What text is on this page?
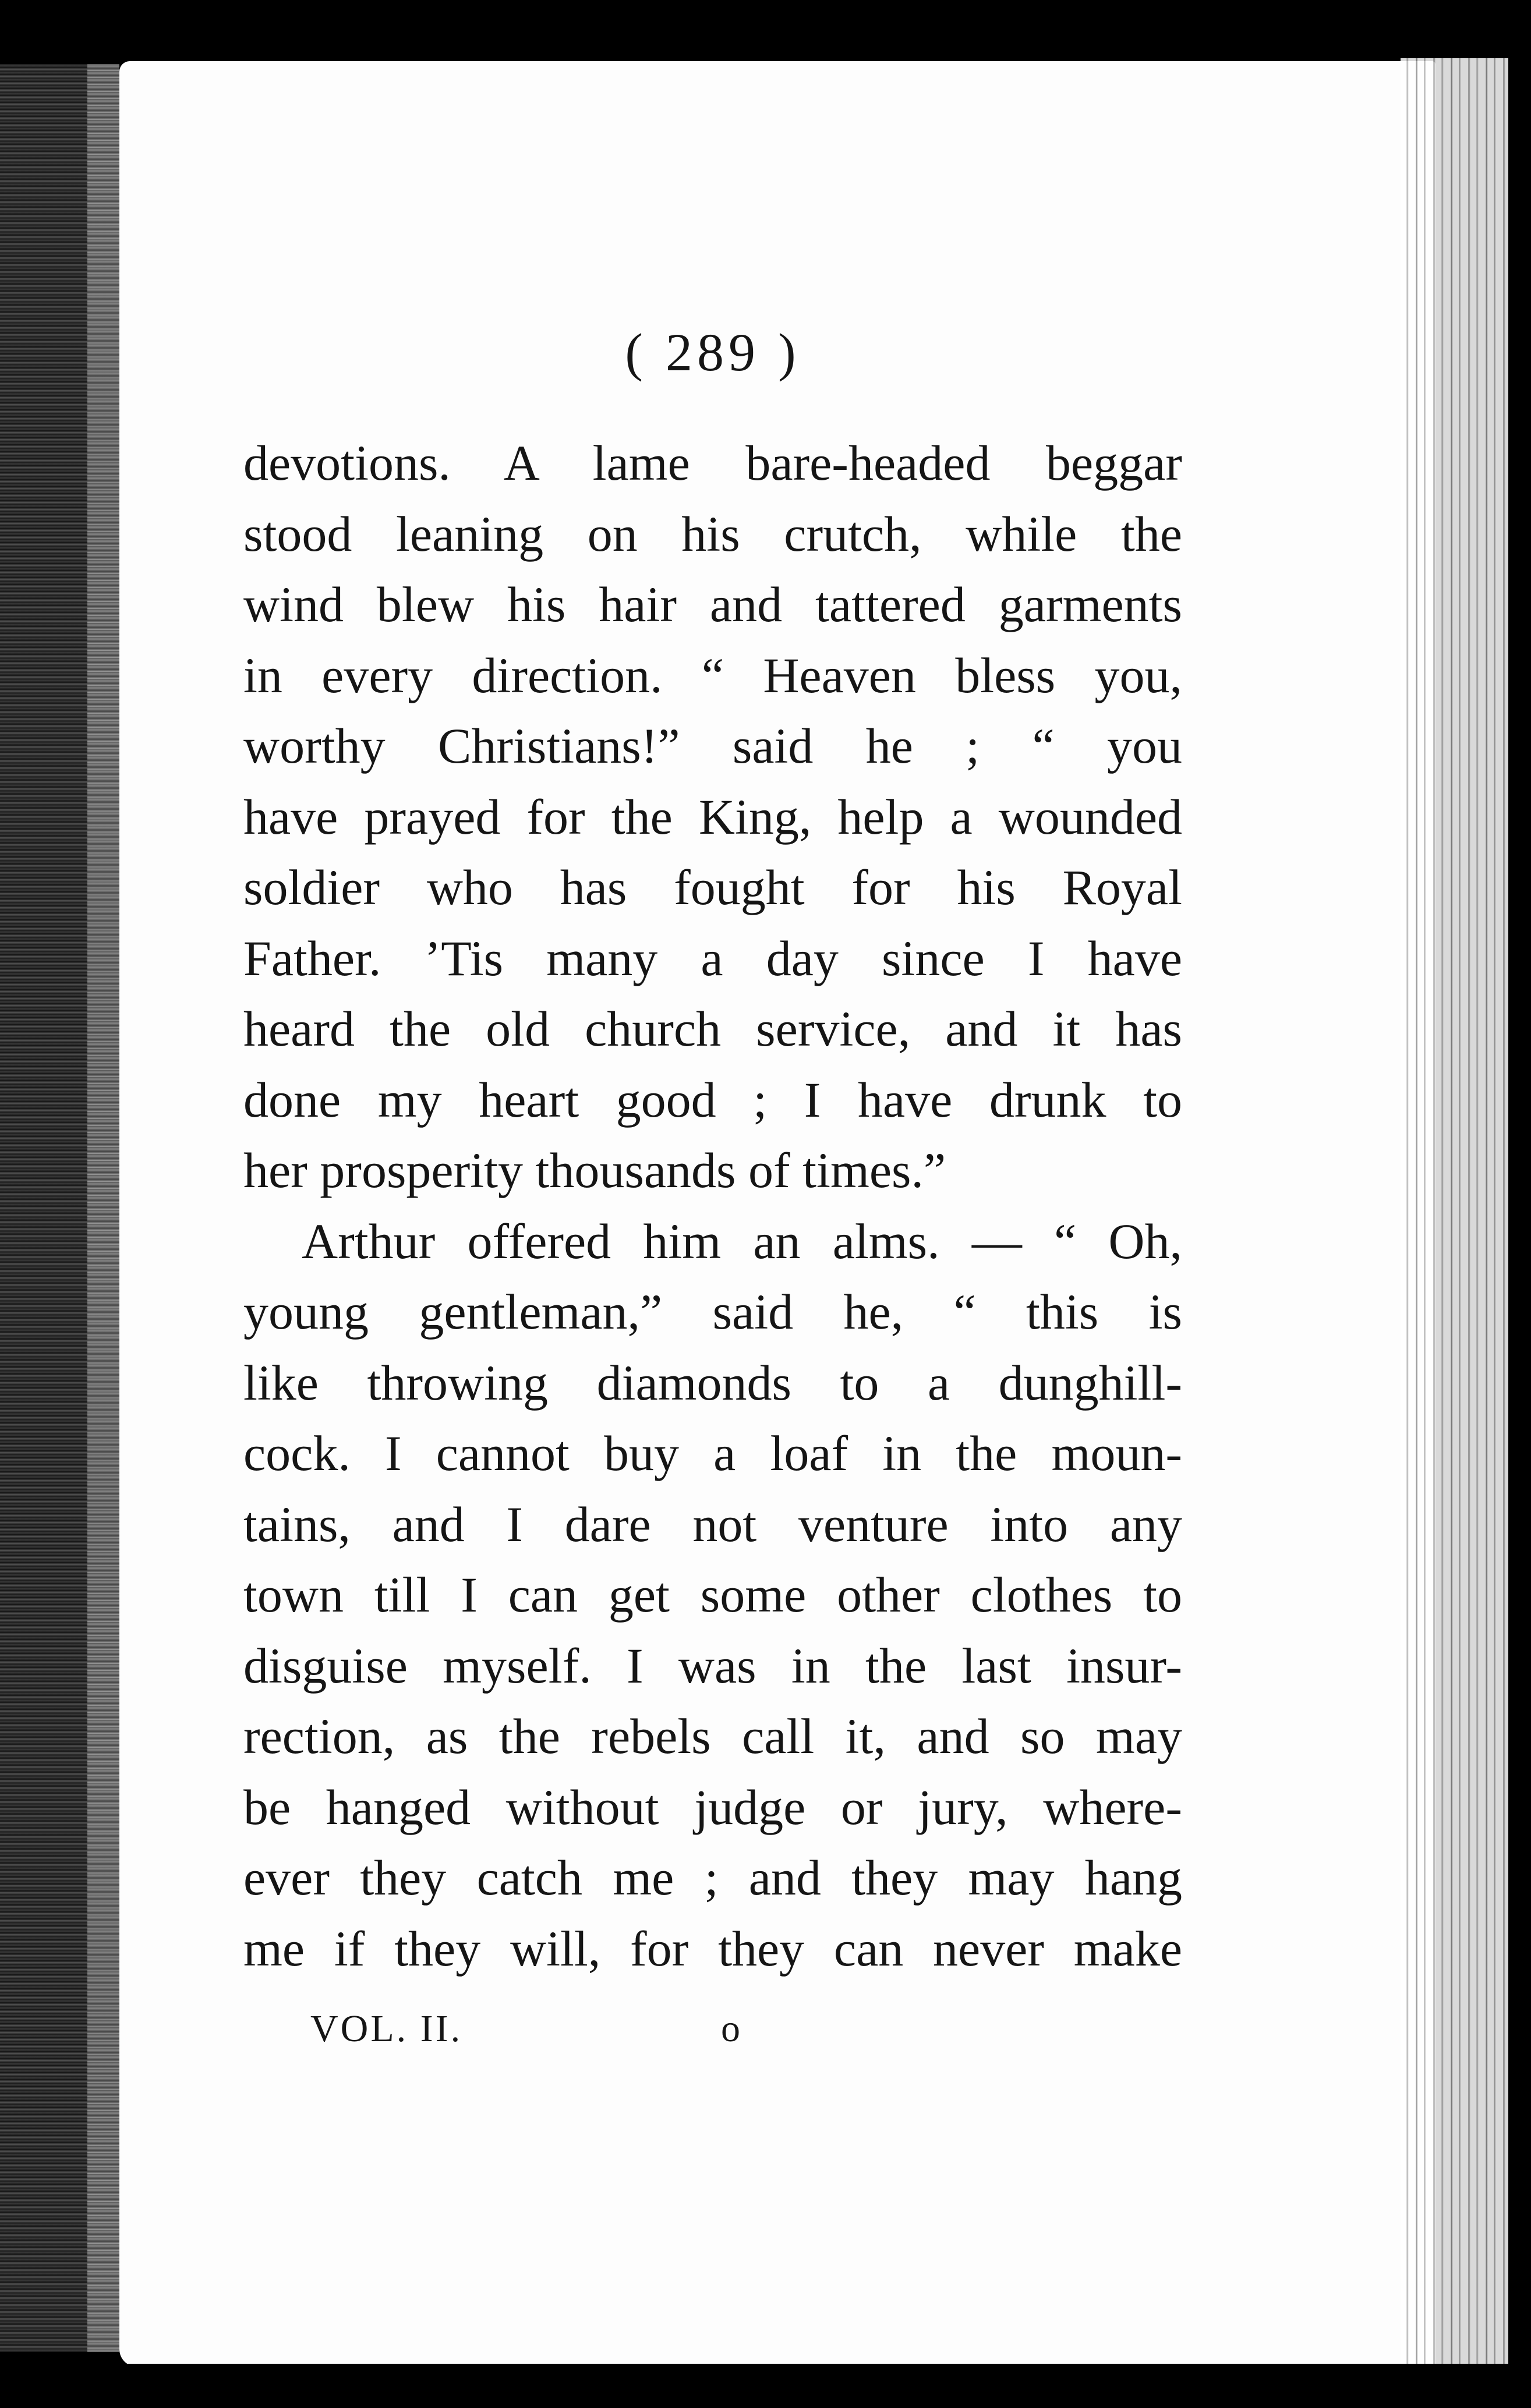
( 289 )
devotions. A lame bare-headed beggar
stood leaning on his crutch, while the
wind blew his hair and tattered garments
in every direction. “ Heaven bless you,
worthy Christians!” said he ; “ you
have prayed for the King, help a wounded
soldier who has fought for his Royal
Father. ’Tis many a day since I have
heard the old church service, and it has
done my heart good ; I have drunk to
her prosperity thousands of times.”
Arthur offered him an alms. — “ Oh,
young gentleman,” said he, “ this is
like throwing diamonds to a dunghill-
cock. I cannot buy a loaf in the moun-
tains, and I dare not venture into any
town till I can get some other clothes to
disguise myself. I was in the last insur-
rection, as the rebels call it, and so may
be hanged without judge or jury, where-
ever they catch me ; and they may hang
me if they will, for they can never make
VOL. II.	o
